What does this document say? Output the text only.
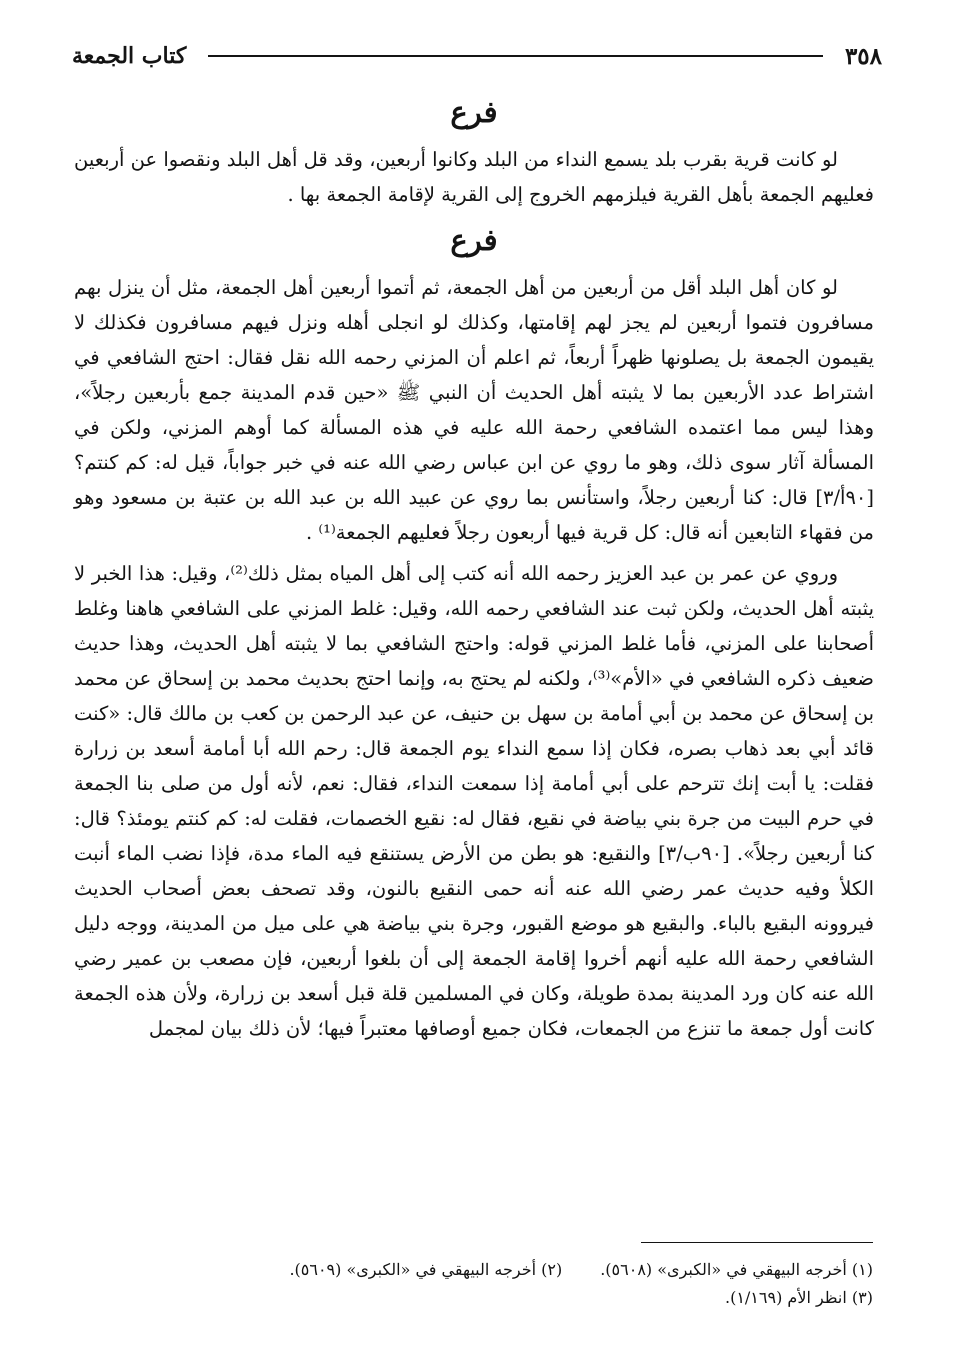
٣٥٨
كتاب الجمعة
فرع

لو كانت قرية بقرب بلد يسمع النداء من البلد وكانوا أربعين، وقد قل أهل البلد ونقصوا عن أربعين فعليهم الجمعة بأهل القرية فيلزمهم الخروج إلى القرية لإقامة الجمعة بها .

فرع

لو كان أهل البلد أقل من أربعين من أهل الجمعة، ثم أتموا أربعين أهل الجمعة، مثل أن ينزل بهم مسافرون فتموا أربعين لم يجز لهم إقامتها، وكذلك لو انجلى أهله ونزل فيهم مسافرون فكذلك لا يقيمون الجمعة بل يصلونها ظهراً أربعاً، ثم اعلم أن المزني رحمه الله نقل فقال: احتج الشافعي في اشتراط عدد الأربعين بما لا يثبته أهل الحديث أن النبي ﷺ «حين قدم المدينة جمع بأربعين رجلاً»، وهذا ليس مما اعتمده الشافعي رحمة الله عليه في هذه المسألة كما أوهم المزني، ولكن في المسألة آثار سوى ذلك، وهو ما روي عن ابن عباس رضي الله عنه في خبر جواباً، قيل له: كم كنتم؟ [٩٠أ/٣] قال: كنا أربعين رجلاً، واستأنس بما روي عن عبيد الله بن عبد الله بن عتبة بن مسعود وهو من فقهاء التابعين أنه قال: كل قرية فيها أربعون رجلاً فعليهم الجمعة⁽¹⁾ .

وروي عن عمر بن عبد العزيز رحمه الله أنه كتب إلى أهل المياه بمثل ذلك⁽²⁾، وقيل: هذا الخبر لا يثبته أهل الحديث، ولكن ثبت عند الشافعي رحمه الله، وقيل: غلط المزني على الشافعي هاهنا وغلط أصحابنا على المزني، فأما غلط المزني قوله: واحتج الشافعي بما لا يثبته أهل الحديث، وهذا حديث ضعيف ذكره الشافعي في «الأم»⁽³⁾، ولكنه لم يحتج به، وإنما احتج بحديث محمد بن إسحاق عن محمد بن إسحاق عن محمد بن أبي أمامة بن سهل بن حنيف، عن عبد الرحمن بن كعب بن مالك قال: «كنت قائد أبي بعد ذهاب بصره، فكان إذا سمع النداء يوم الجمعة قال: رحم الله أبا أمامة أسعد بن زرارة فقلت: يا أبت إنك تترحم على أبي أمامة إذا سمعت النداء، فقال: نعم، لأنه أول من صلى بنا الجمعة في حرم البيت من جرة بني بياضة في نقيع، فقال له: نقيع الخصمات، فقلت له: كم كنتم يومئذ؟ قال: كنا أربعين رجلاً». [٩٠ب/٣] والنقيع: هو بطن من الأرض يستنقع فيه الماء مدة، فإذا نضب الماء أنبت الكلأ وفيه حديث عمر رضي الله عنه أنه حمى النقيع بالنون، وقد تصحف بعض أصحاب الحديث فيروونه البقيع بالباء. والبقيع هو موضع القبور، وجرة بني بياضة هي على ميل من المدينة، ووجه دليل الشافعي رحمة الله عليه أنهم أخروا إقامة الجمعة إلى أن بلغوا أربعين، فإن مصعب بن عمير رضي الله عنه كان ورد المدينة بمدة طويلة، وكان في المسلمين قلة قبل أسعد بن زرارة، ولأن هذه الجمعة كانت أول جمعة ما تنزع من الجمعات، فكان جميع أوصافها معتبراً فيها؛ لأن ذلك بيان لمجمل

(١) أخرجه البيهقي في «الكبرى» (٥٦٠٨).
(٢) أخرجه البيهقي في «الكبرى» (٥٦٠٩).
(٣) انظر الأم (١/١٦٩).
